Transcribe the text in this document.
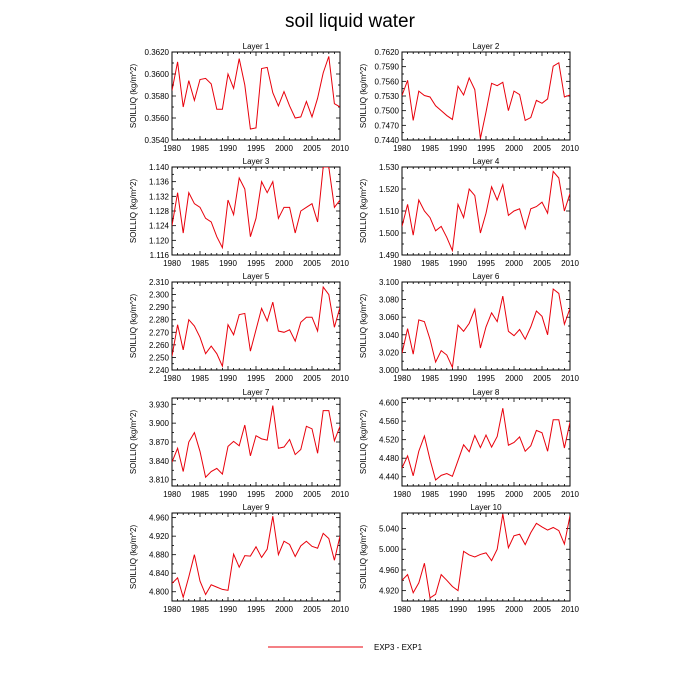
soil liquid water
Layer 1
1980 1985 1990 1995 2000 2005 2010
0.3620
0.3600
0.3580
0.3560
0.3540
SOILLIQ (kg/m^2)
Layer 2
1980 1985 1990 1995 2000 2005 2010
0.7620
0.7590
0.7560
0.7530
0.7500
0.7470
0.7440
SOILLIQ (kg/m^2)
Layer 3
1980 1985 1990 1995 2000 2005 2010
1.140
1.136
1.132
1.128
1.124
1.120
1.116
SOILLIQ (kg/m^2)
Layer 4
1980 1985 1990 1995 2000 2005 2010
1.530
1.520
1.510
1.500
1.490
SOILLIQ (kg/m^2)
Layer 5
1980 1985 1990 1995 2000 2005 2010
2.310
2.300
2.290
2.280
2.270
2.260
2.250
2.240
SOILLIQ (kg/m^2)
Layer 6
1980 1985 1990 1995 2000 2005 2010
3.100
3.080
3.060
3.040
3.020
3.000
SOILLIQ (kg/m^2)
Layer 7
1980 1985 1990 1995 2000 2005 2010
3.930
3.900
3.870
3.840
3.810
SOILLIQ (kg/m^2)
Layer 8
1980 1985 1990 1995 2000 2005 2010
4.600
4.560
4.520
4.480
4.440
SOILLIQ (kg/m^2)
Layer 9
1980 1985 1990 1995 2000 2005 2010
4.960
4.920
4.880
4.840
4.800
SOILLIQ (kg/m^2)
Layer 10
1980 1985 1990 1995 2000 2005 2010
5.040
5.000
4.960
4.920
SOILLIQ (kg/m^2)
EXP3 - EXP1
